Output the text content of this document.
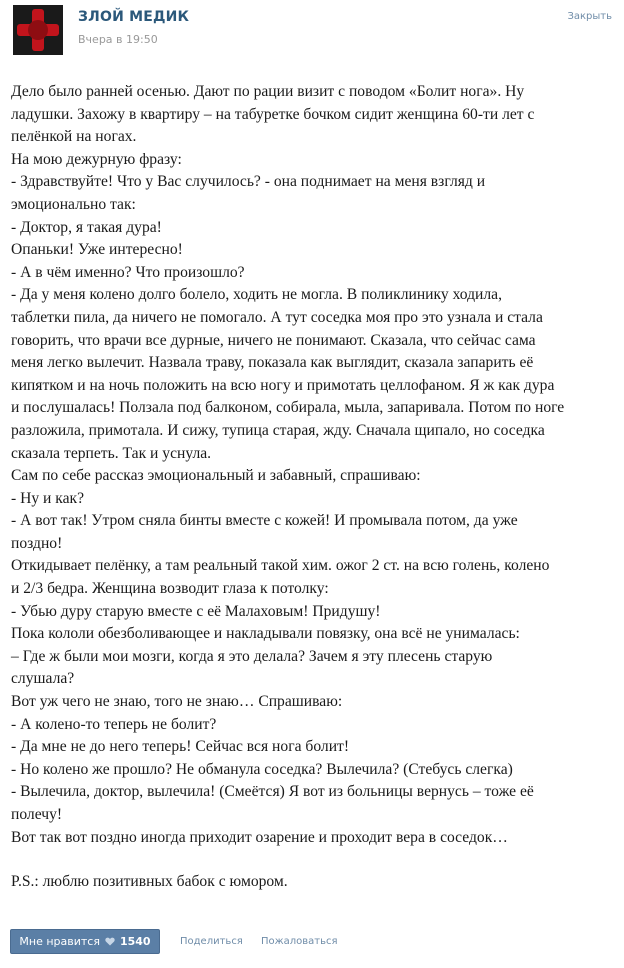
ЗЛОЙ МЕДИК
Вчера в 19:50
Закрыть
Дело было ранней осенью. Дают по рации визит с поводом «Болит нога». Ну
ладушки. Захожу в квартиру – на табуретке бочком сидит женщина 60-ти лет с
пелёнкой на ногах.
На мою дежурную фразу:
- Здравствуйте! Что у Вас случилось? - она поднимает на меня взгляд и
эмоционально так:
- Доктор, я такая дура!
Опаньки! Уже интересно!
- А в чём именно? Что произошло?
- Да у меня колено долго болело, ходить не могла. В поликлинику ходила,
таблетки пила, да ничего не помогало. А тут соседка моя про это узнала и стала
говорить, что врачи все дурные, ничего не понимают. Сказала, что сейчас сама
меня легко вылечит. Назвала траву, показала как выглядит, сказала запарить её
кипятком и на ночь положить на всю ногу и примотать целлофаном. Я ж как дура
и послушалась! Ползала под балконом, собирала, мыла, запаривала. Потом по ноге
разложила, примотала. И сижу, тупица старая, жду. Сначала щипало, но соседка
сказала терпеть. Так и уснула.
Сам по себе рассказ эмоциональный и забавный, спрашиваю:
- Ну и как?
- А вот так! Утром сняла бинты вместе с кожей! И промывала потом, да уже
поздно!
Откидывает пелёнку, а там реальный такой хим. ожог 2 ст. на всю голень, колено
и 2/3 бедра. Женщина возводит глаза к потолку:
- Убью дуру старую вместе с её Малаховым! Придушу!
Пока кололи обезболивающее и накладывали повязку, она всё не унималась:
– Где ж были мои мозги, когда я это делала? Зачем я эту плесень старую
слушала?
Вот уж чего не знаю, того не знаю… Спрашиваю:
- А колено-то теперь не болит?
- Да мне не до него теперь! Сейчас вся нога болит!
- Но колено же прошло? Не обманула соседка? Вылечила? (Стебусь слегка)
- Вылечила, доктор, вылечила! (Смеётся) Я вот из больницы вернусь – тоже её
полечу!
Вот так вот поздно иногда приходит озарение и проходит вера в соседок…
P.S.: люблю позитивных бабок с юмором.
Мне нравится 1540	Поделиться Пожаловаться
